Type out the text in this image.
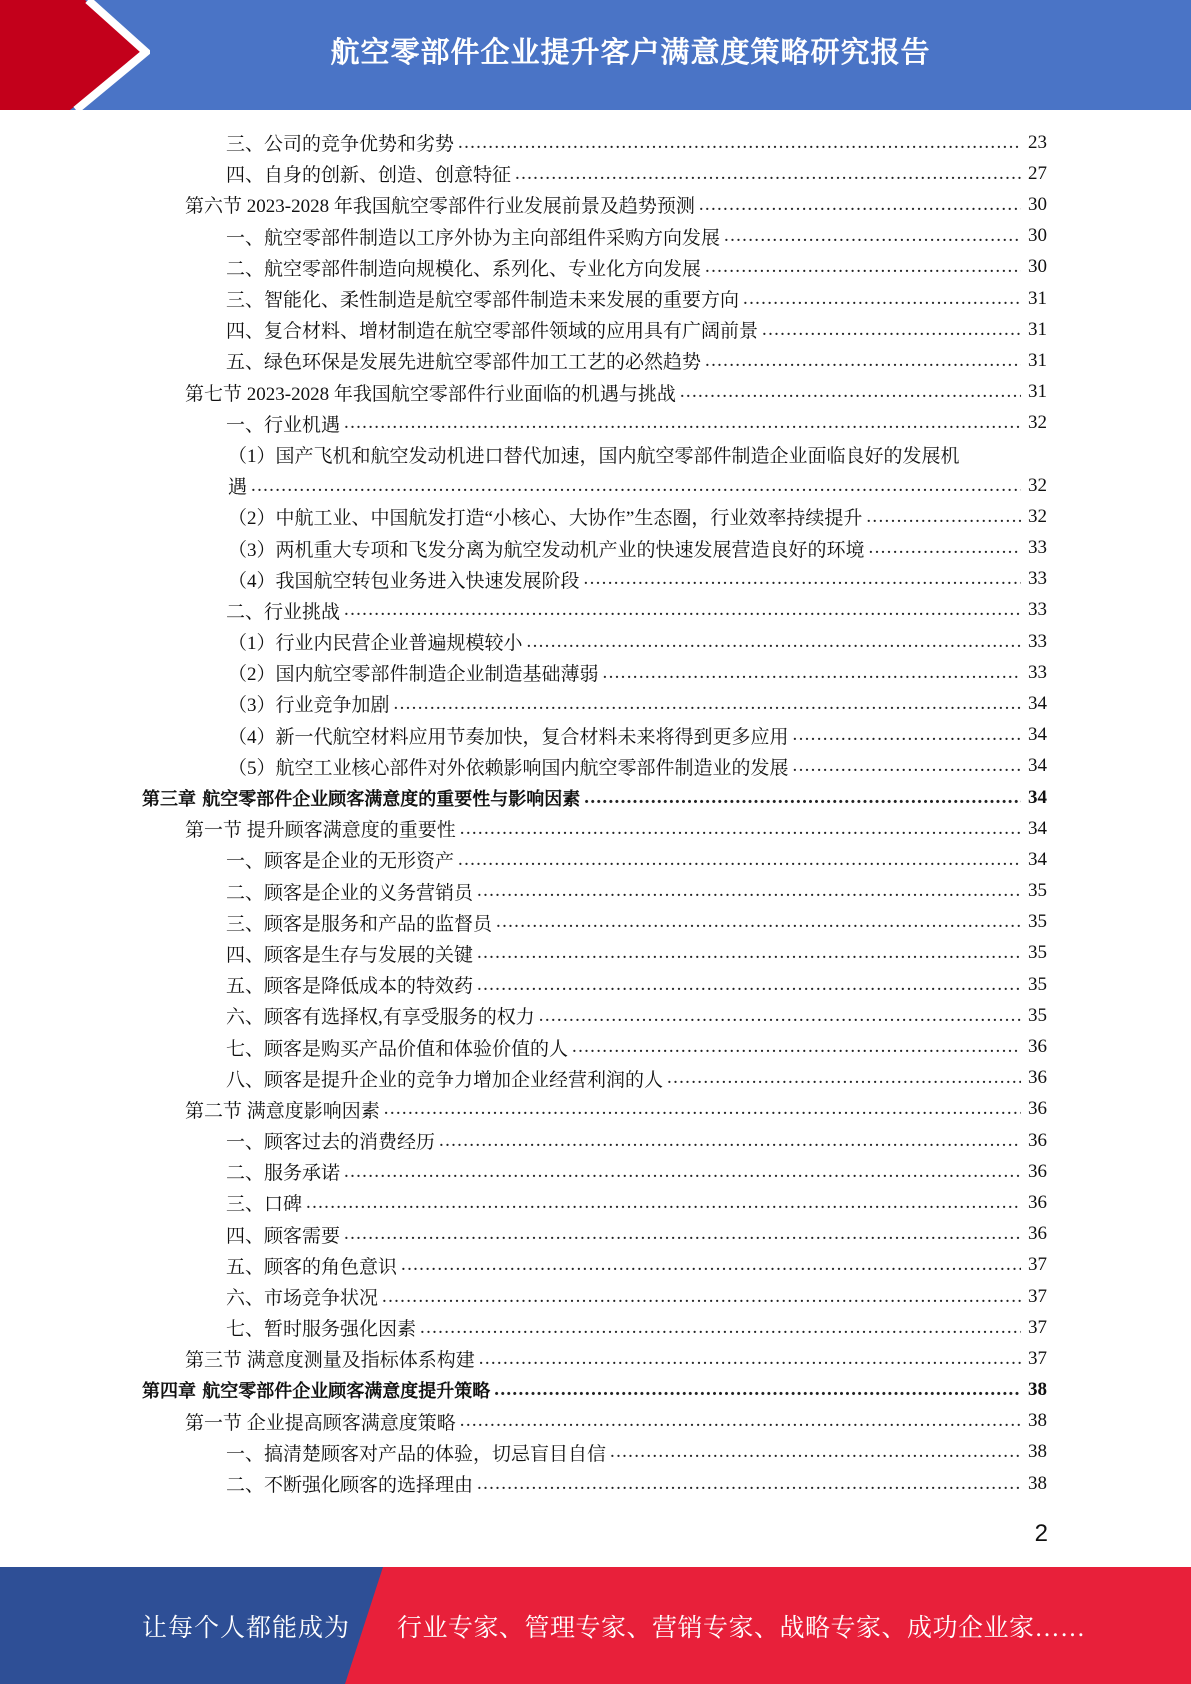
航空零部件企业提升客户满意度策略研究报告
三、公司的竞争优势和劣势 .....	23
四、自身的创新、创造、创意特征 .....	27
第六节 2023-2028 年我国航空零部件行业发展前景及趋势预测 .....	30
一、航空零部件制造以工序外协为主向部组件采购方向发展 .....	30
二、航空零部件制造向规模化、系列化、专业化方向发展 .....	30
三、智能化、柔性制造是航空零部件制造未来发展的重要方向 .....	31
四、复合材料、增材制造在航空零部件领域的应用具有广阔前景 .....	31
五、绿色环保是发展先进航空零部件加工工艺的必然趋势 .....	31
第七节 2023-2028 年我国航空零部件行业面临的机遇与挑战 .....	31
一、行业机遇 .....	32
（1）国产飞机和航空发动机进口替代加速，国内航空零部件制造企业面临良好的发展机
遇 .....	32
（2）中航工业、中国航发打造“小核心、大协作”生态圈，行业效率持续提升 .....	32
（3）两机重大专项和飞发分离为航空发动机产业的快速发展营造良好的环境 .....	33
（4）我国航空转包业务进入快速发展阶段 .....	33
二、行业挑战 .....	33
（1）行业内民营企业普遍规模较小 .....	33
（2）国内航空零部件制造企业制造基础薄弱 .....	33
（3）行业竞争加剧 .....	34
（4）新一代航空材料应用节奏加快，复合材料未来将得到更多应用 .....	34
（5）航空工业核心部件对外依赖影响国内航空零部件制造业的发展 .....	34
第三章 航空零部件企业顾客满意度的重要性与影响因素 .....	34
第一节 提升顾客满意度的重要性 .....	34
一、顾客是企业的无形资产 .....	34
二、顾客是企业的义务营销员 .....	35
三、顾客是服务和产品的监督员 .....	35
四、顾客是生存与发展的关键 .....	35
五、顾客是降低成本的特效药 .....	35
六、顾客有选择权,有享受服务的权力 .....	35
七、顾客是购买产品价值和体验价值的人 .....	36
八、顾客是提升企业的竞争力增加企业经营利润的人 .....	36
第二节 满意度影响因素 .....	36
一、顾客过去的消费经历 .....	36
二、服务承诺 .....	36
三、口碑 .....	36
四、顾客需要 .....	36
五、顾客的角色意识 .....	37
六、市场竞争状况 .....	37
七、暂时服务强化因素 .....	37
第三节 满意度测量及指标体系构建 .....	37
第四章 航空零部件企业顾客满意度提升策略 .....	38
第一节 企业提高顾客满意度策略 .....	38
一、搞清楚顾客对产品的体验，切忌盲目自信 .....	38
二、不断强化顾客的选择理由 .....	38
2
让每个人都能成为 行业专家、管理专家、营销专家、战略专家、成功企业家……
